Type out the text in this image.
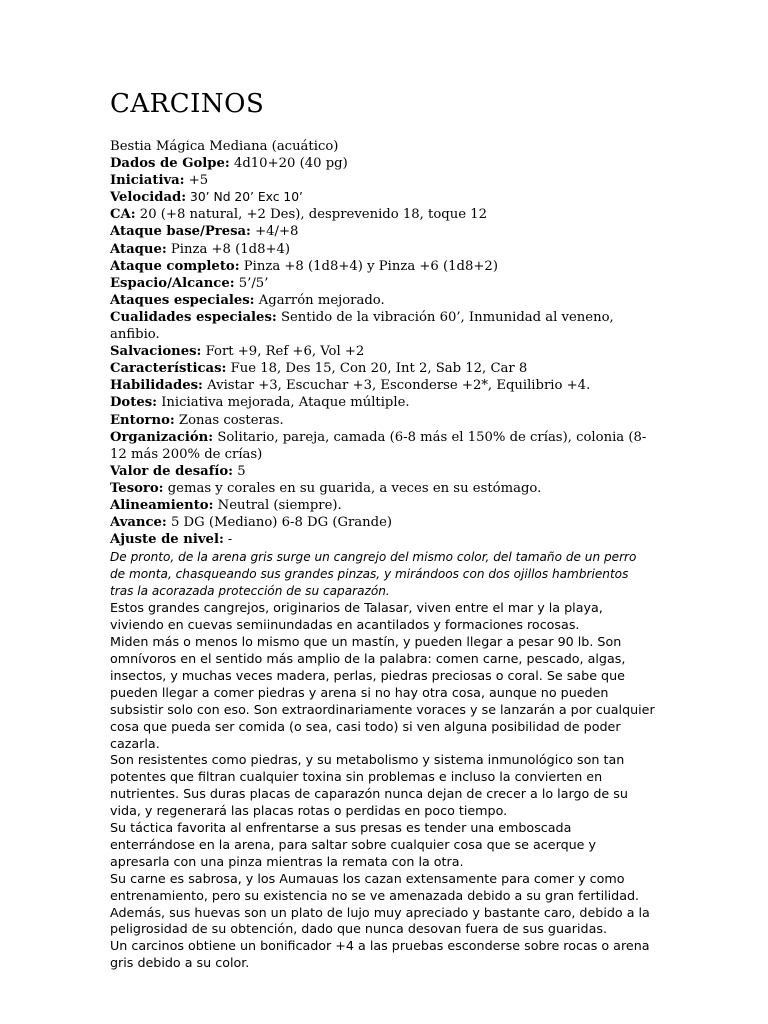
CARCINOS
Bestia Mágica Mediana (acuático)
Dados de Golpe: 4d10+20 (40 pg)
Iniciativa: +5
Velocidad: 30’ Nd 20’ Exc 10’
CA: 20 (+8 natural, +2 Des), desprevenido 18, toque 12
Ataque base/Presa: +4/+8
Ataque: Pinza +8 (1d8+4)
Ataque completo: Pinza +8 (1d8+4) y Pinza +6 (1d8+2)
Espacio/Alcance: 5’/5’
Ataques especiales: Agarrón mejorado.
Cualidades especiales: Sentido de la vibración 60’, Inmunidad al veneno, anfibio.
Salvaciones: Fort +9, Ref +6, Vol +2
Características: Fue 18, Des 15, Con 20, Int 2, Sab 12, Car 8
Habilidades: Avistar +3, Escuchar +3, Esconderse +2*, Equilibrio +4.
Dotes: Iniciativa mejorada, Ataque múltiple.
Entorno: Zonas costeras.
Organización: Solitario, pareja, camada (6-8 más el 150% de crías), colonia (8-12 más 200% de crías)
Valor de desafío: 5
Tesoro: gemas y corales en su guarida, a veces en su estómago.
Alineamiento: Neutral (siempre).
Avance: 5 DG (Mediano) 6-8 DG (Grande)
Ajuste de nivel: -

De pronto, de la arena gris surge un cangrejo del mismo color, del tamaño de un perro de monta, chasqueando sus grandes pinzas, y mirándoos con dos ojillos hambrientos tras la acorazada protección de su caparazón.

Estos grandes cangrejos, originarios de Talasar, viven entre el mar y la playa, viviendo en cuevas semiinundadas en acantilados y formaciones rocosas.

Miden más o menos lo mismo que un mastín, y pueden llegar a pesar 90 lb. Son omnívoros en el sentido más amplio de la palabra: comen carne, pescado, algas, insectos, y muchas veces madera, perlas, piedras preciosas o coral. Se sabe que pueden llegar a comer piedras y arena si no hay otra cosa, aunque no pueden subsistir solo con eso. Son extraordinariamente voraces y se lanzarán a por cualquier cosa que pueda ser comida (o sea, casi todo) si ven alguna posibilidad de poder cazarla.

Son resistentes como piedras, y su metabolismo y sistema inmunológico son tan potentes que filtran cualquier toxina sin problemas e incluso la convierten en nutrientes. Sus duras placas de caparazón nunca dejan de crecer a lo largo de su vida, y regenerará las placas rotas o perdidas en poco tiempo.

Su táctica favorita al enfrentarse a sus presas es tender una emboscada enterrándose en la arena, para saltar sobre cualquier cosa que se acerque y apresarla con una pinza mientras la remata con la otra.

Su carne es sabrosa, y los Aumauas los cazan extensamente para comer y como entrenamiento, pero su existencia no se ve amenazada debido a su gran fertilidad. Además, sus huevas son un plato de lujo muy apreciado y bastante caro, debido a la peligrosidad de su obtención, dado que nunca desovan fuera de sus guaridas.

Un carcinos obtiene un bonificador +4 a las pruebas esconderse sobre rocas o arena gris debido a su color.
